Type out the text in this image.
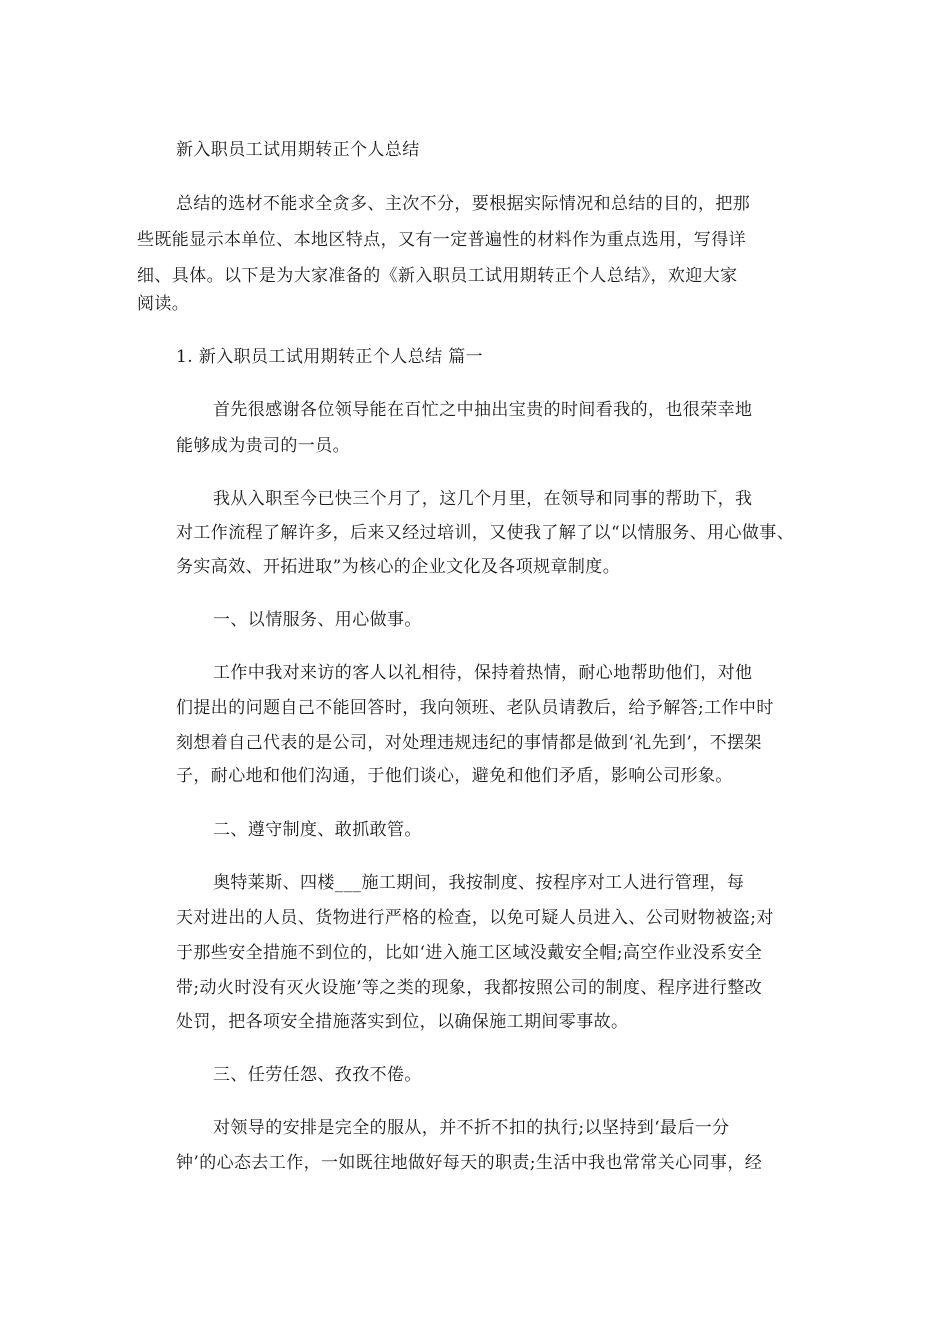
新入职员工试用期转正个人总结
总结的选材不能求全贪多、主次不分，要根据实际情况和总结的目的，把那
些既能显示本单位、本地区特点，又有一定普遍性的材料作为重点选用，写得详
细、具体。以下是为大家准备的《新入职员工试用期转正个人总结》，欢迎大家
阅读。
1. 新入职员工试用期转正个人总结 篇一
首先很感谢各位领导能在百忙之中抽出宝贵的时间看我的，也很荣幸地
能够成为贵司的一员。
我从入职至今已快三个月了，这几个月里，在领导和同事的帮助下，我
对工作流程了解许多，后来又经过培训，又使我了解了以“以情服务、用心做事、
务实高效、开拓进取”为核心的企业文化及各项规章制度。
一、以情服务、用心做事。
工作中我对来访的客人以礼相待，保持着热情，耐心地帮助他们，对他
们提出的问题自己不能回答时，我向领班、老队员请教后，给予解答;工作中时
刻想着自己代表的是公司，对处理违规违纪的事情都是做到‘礼先到’，不摆架
子，耐心地和他们沟通，于他们谈心，避免和他们矛盾，影响公司形象。
二、遵守制度、敢抓敢管。
奥特莱斯、四楼___施工期间，我按制度、按程序对工人进行管理，每
天对进出的人员、货物进行严格的检查，以免可疑人员进入、公司财物被盗;对
于那些安全措施不到位的，比如‘进入施工区域没戴安全帽;高空作业没系安全
带;动火时没有灭火设施’等之类的现象，我都按照公司的制度、程序进行整改
处罚，把各项安全措施落实到位，以确保施工期间零事故。
三、任劳任怨、孜孜不倦。
对领导的安排是完全的服从，并不折不扣的执行;以坚持到‘最后一分
钟’的心态去工作，一如既往地做好每天的职责;生活中我也常常关心同事，经
